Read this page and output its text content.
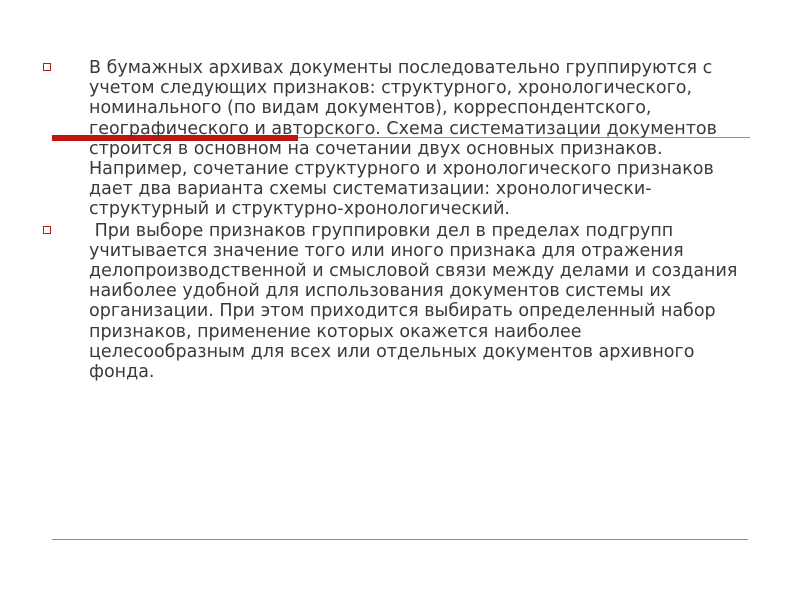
В бумажных архивах документы последовательно группируются с учетом следующих признаков: структурного, хронологического, номинального (по видам документов), корреспондентского, географического и авторского. Схема систематизации документов строится в основном на сочетании двух основных признаков. Например, сочетание структурного и хронологического признаков дает два варианта схемы систематизации: хронологически-структурный и структурно-хронологический.

При выборе признаков группировки дел в пределах подгрупп учитывается значение того или иного признака для отражения делопроизводственной и смысловой связи между делами и создания наиболее удобной для использования документов системы их организации. При этом приходится выбирать определенный набор признаков, применение которых окажется наиболее целесообразным для всех или отдельных документов архивного фонда.
